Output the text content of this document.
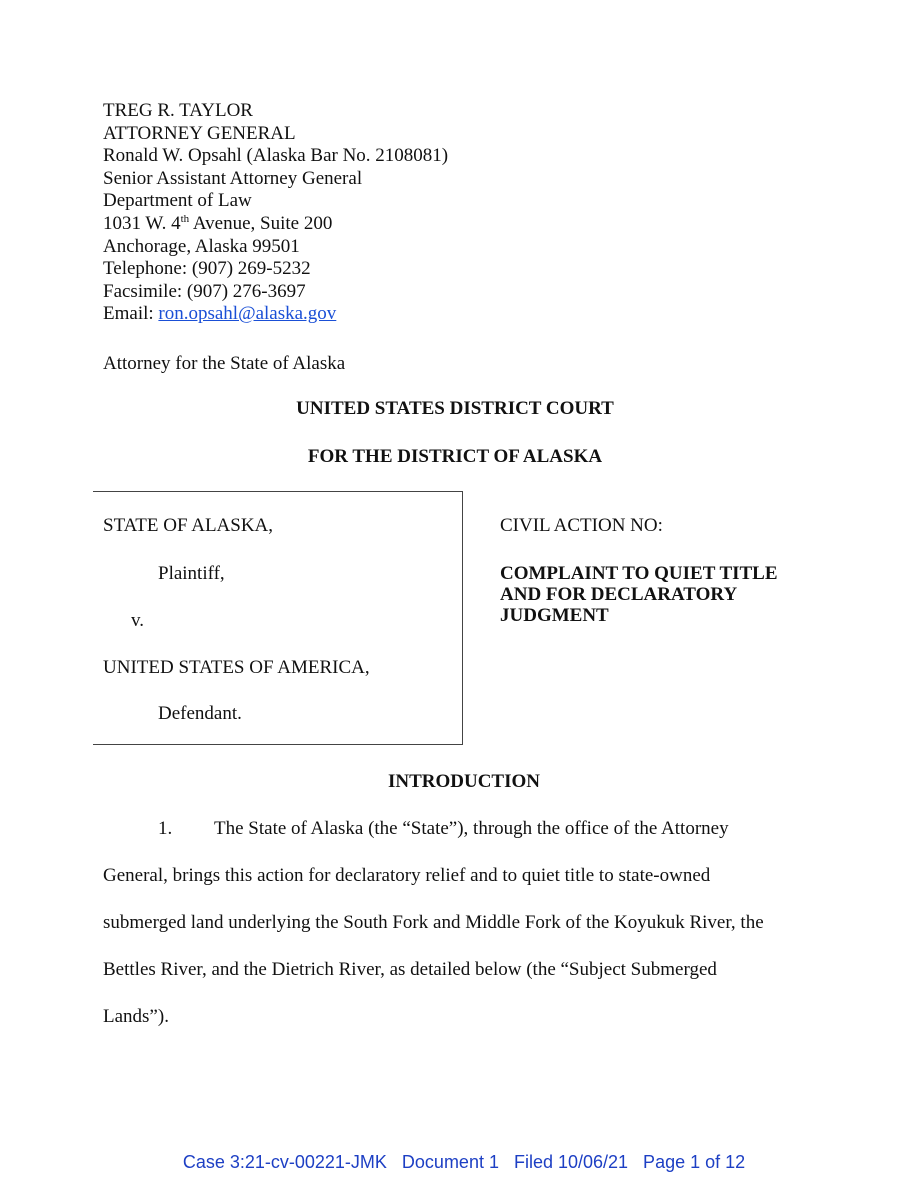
TREG R. TAYLOR
ATTORNEY GENERAL
Ronald W. Opsahl (Alaska Bar No. 2108081)
Senior Assistant Attorney General
Department of Law
1031 W. 4th Avenue, Suite 200
Anchorage, Alaska 99501
Telephone: (907) 269-5232
Facsimile: (907) 276-3697
Email: ron.opsahl@alaska.gov
Attorney for the State of Alaska
UNITED STATES DISTRICT COURT
FOR THE DISTRICT OF ALASKA
STATE OF ALASKA,
Plaintiff,
v.
UNITED STATES OF AMERICA,
Defendant.
CIVIL ACTION NO:
COMPLAINT TO QUIET TITLE
AND FOR DECLARATORY
JUDGMENT
INTRODUCTION
1. The State of Alaska (the “State”), through the office of the Attorney
General, brings this action for declaratory relief and to quiet title to state-owned
submerged land underlying the South Fork and Middle Fork of the Koyukuk River, the
Bettles River, and the Dietrich River, as detailed below (the “Subject Submerged
Lands”).
Case 3:21-cv-00221-JMK   Document 1   Filed 10/06/21   Page 1 of 12
